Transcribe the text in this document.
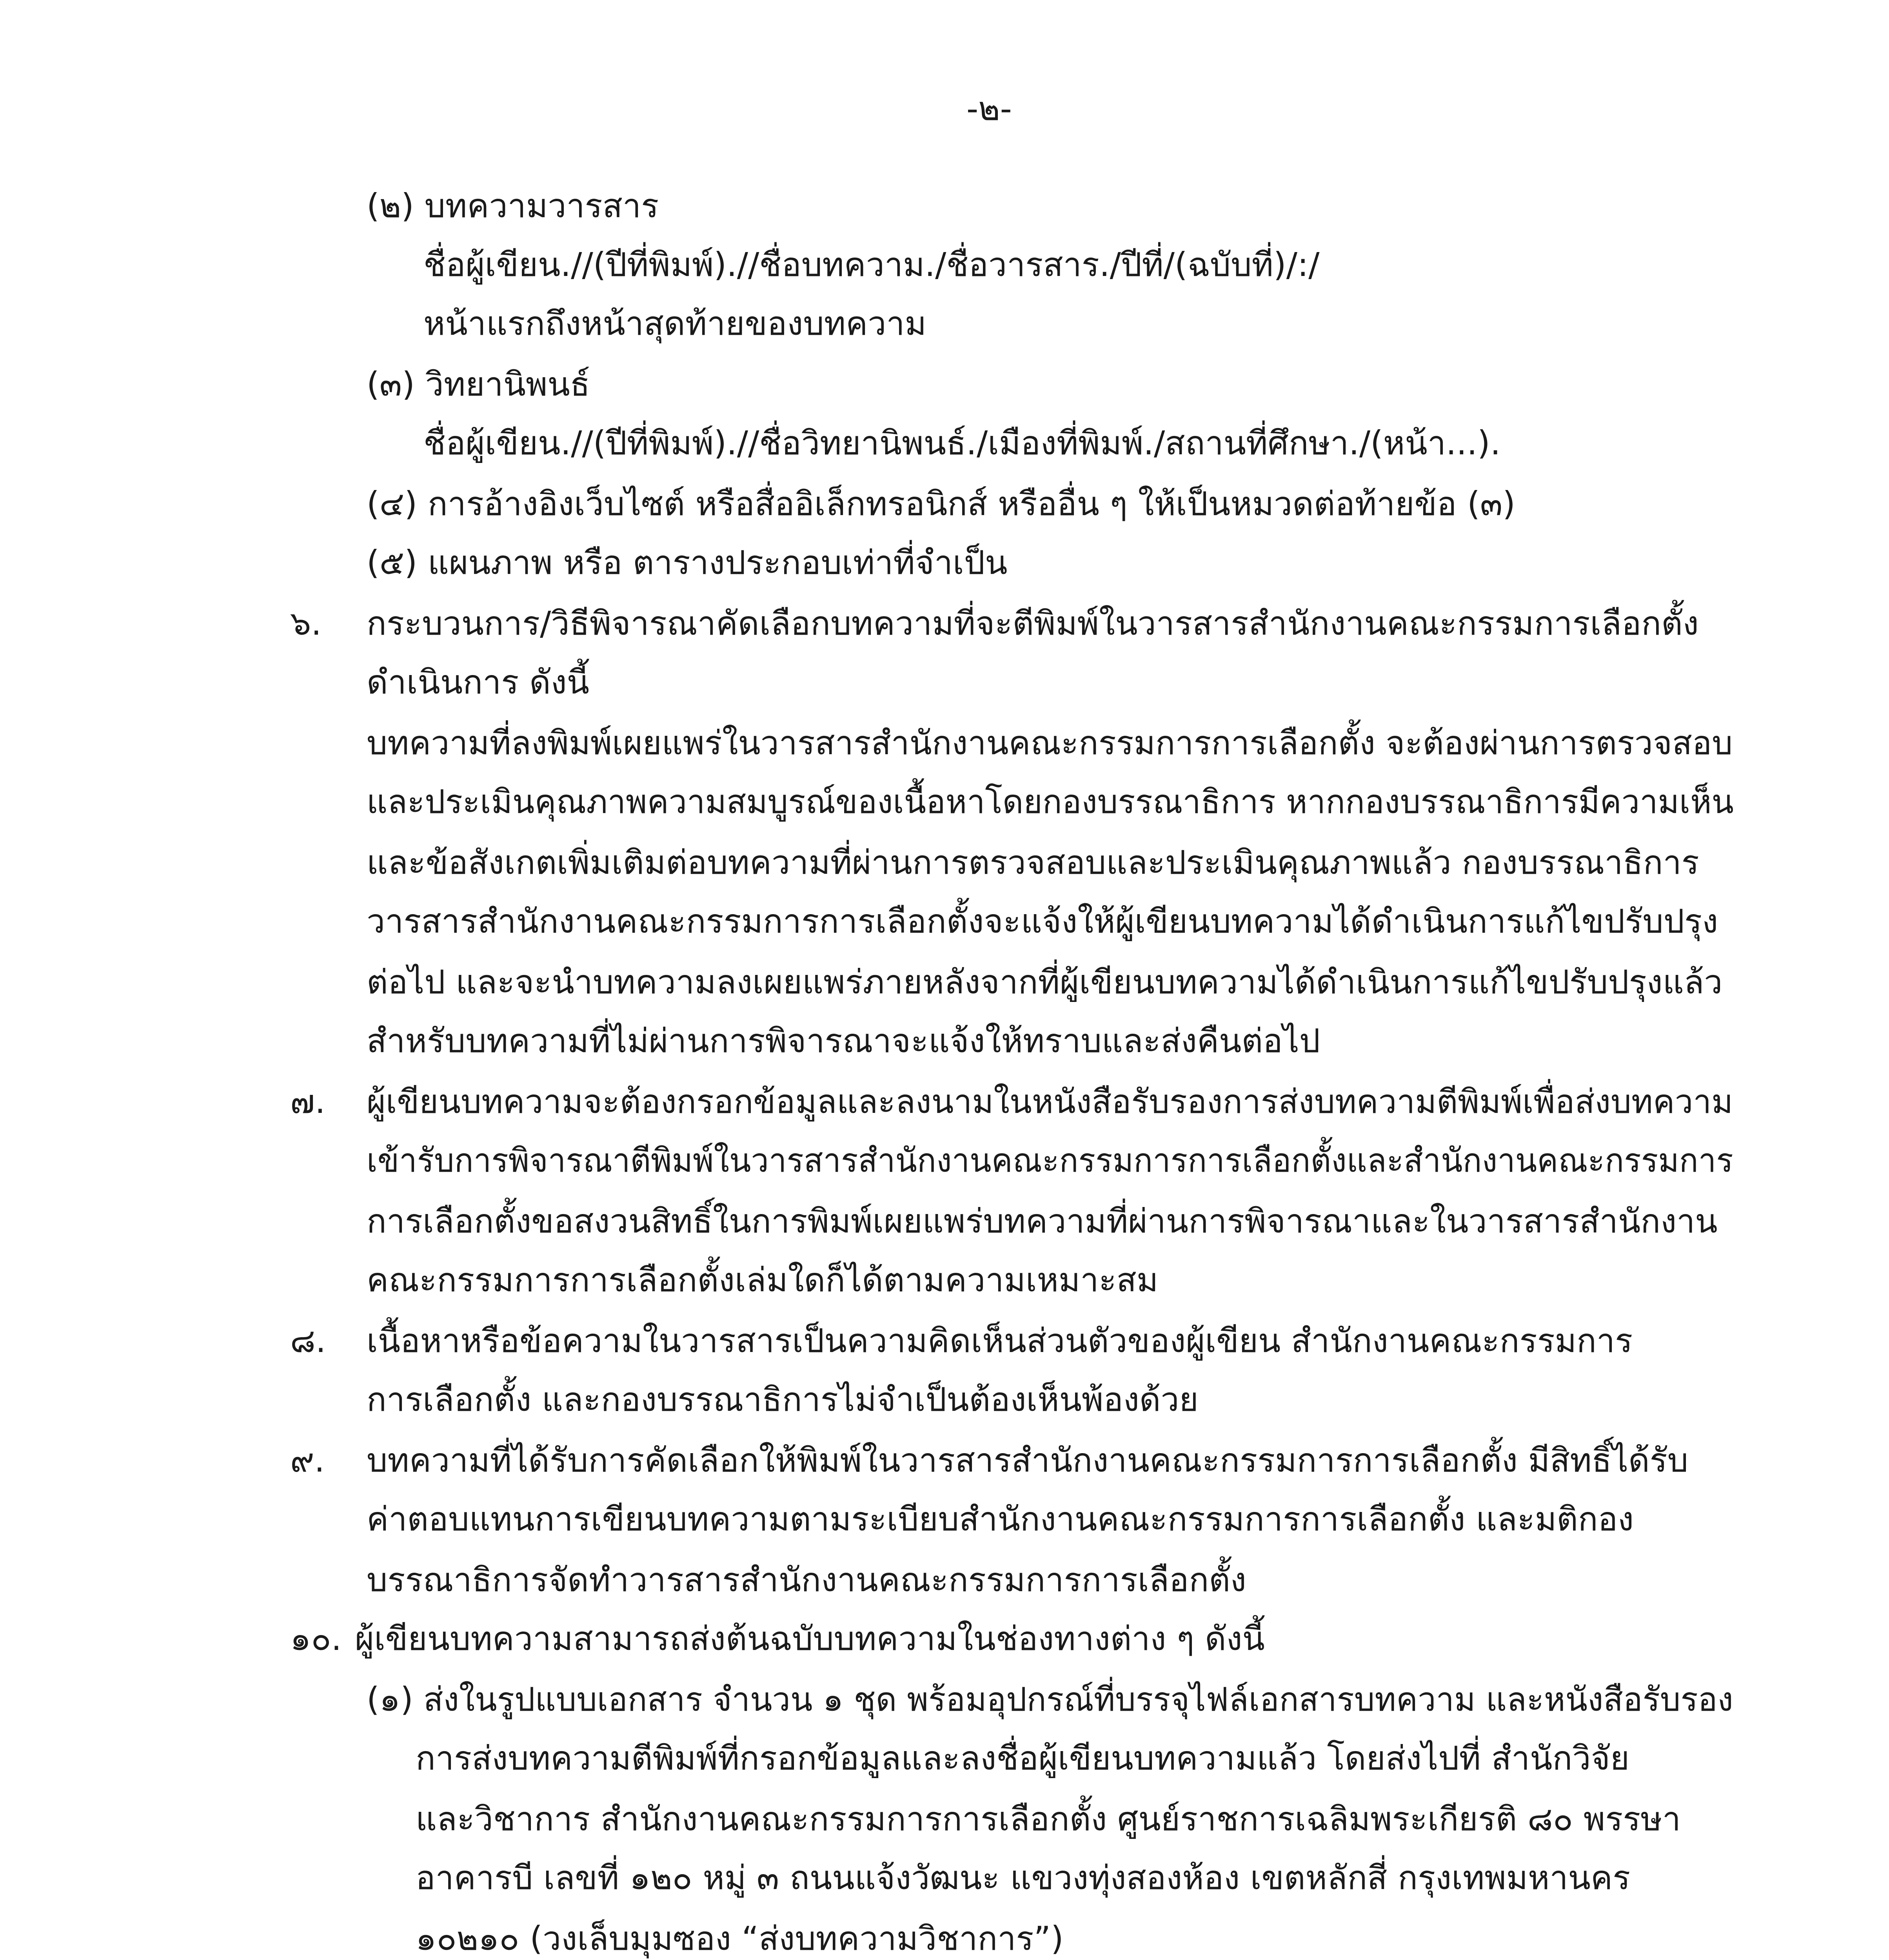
-๒-
(๒) บทความวารสาร
ชื่อผู้เขียน.//(ปีที่พิมพ์).//ชื่อบทความ./ชื่อวารสาร./ปีที่/(ฉบับที่)/:/
หน้าแรกถึงหน้าสุดท้ายของบทความ
(๓) วิทยานิพนธ์
ชื่อผู้เขียน.//(ปีที่พิมพ์).//ชื่อวิทยานิพนธ์./เมืองที่พิมพ์./สถานที่ศึกษา./(หน้า...).
(๔) การอ้างอิงเว็บไซต์ หรือสื่ออิเล็กทรอนิกส์ หรืออื่น ๆ ให้เป็นหมวดต่อท้ายข้อ (๓)
(๕) แผนภาพ หรือ ตารางประกอบเท่าที่จำเป็น
๖. กระบวนการ/วิธีพิจารณาคัดเลือกบทความที่จะตีพิมพ์ในวารสารสำนักงานคณะกรรมการเลือกตั้ง
ดำเนินการ ดังนี้
บทความที่ลงพิมพ์เผยแพร่ในวารสารสำนักงานคณะกรรมการการเลือกตั้ง จะต้องผ่านการตรวจสอบ
และประเมินคุณภาพความสมบูรณ์ของเนื้อหาโดยกองบรรณาธิการ หากกองบรรณาธิการมีความเห็น
และข้อสังเกตเพิ่มเติมต่อบทความที่ผ่านการตรวจสอบและประเมินคุณภาพแล้ว กองบรรณาธิการ
วารสารสำนักงานคณะกรรมการการเลือกตั้งจะแจ้งให้ผู้เขียนบทความได้ดำเนินการแก้ไขปรับปรุง
ต่อไป และจะนำบทความลงเผยแพร่ภายหลังจากที่ผู้เขียนบทความได้ดำเนินการแก้ไขปรับปรุงแล้ว
สำหรับบทความที่ไม่ผ่านการพิจารณาจะแจ้งให้ทราบและส่งคืนต่อไป
๗. ผู้เขียนบทความจะต้องกรอกข้อมูลและลงนามในหนังสือรับรองการส่งบทความตีพิมพ์เพื่อส่งบทความ
เข้ารับการพิจารณาตีพิมพ์ในวารสารสำนักงานคณะกรรมการการเลือกตั้งและสำนักงานคณะกรรมการ
การเลือกตั้งขอสงวนสิทธิ์ในการพิมพ์เผยแพร่บทความที่ผ่านการพิจารณาและในวารสารสำนักงาน
คณะกรรมการการเลือกตั้งเล่มใดก็ได้ตามความเหมาะสม
๘. เนื้อหาหรือข้อความในวารสารเป็นความคิดเห็นส่วนตัวของผู้เขียน สำนักงานคณะกรรมการ
การเลือกตั้ง และกองบรรณาธิการไม่จำเป็นต้องเห็นพ้องด้วย
๙. บทความที่ได้รับการคัดเลือกให้พิมพ์ในวารสารสำนักงานคณะกรรมการการเลือกตั้ง มีสิทธิ์ได้รับ
ค่าตอบแทนการเขียนบทความตามระเบียบสำนักงานคณะกรรมการการเลือกตั้ง และมติกอง
บรรณาธิการจัดทำวารสารสำนักงานคณะกรรมการการเลือกตั้ง
๑๐. ผู้เขียนบทความสามารถส่งต้นฉบับบทความในช่องทางต่าง ๆ ดังนี้
(๑) ส่งในรูปแบบเอกสาร จำนวน ๑ ชุด พร้อมอุปกรณ์ที่บรรจุไฟล์เอกสารบทความ และหนังสือรับรอง
การส่งบทความตีพิมพ์ที่กรอกข้อมูลและลงชื่อผู้เขียนบทความแล้ว โดยส่งไปที่ สำนักวิจัย
และวิชาการ สำนักงานคณะกรรมการการเลือกตั้ง ศูนย์ราชการเฉลิมพระเกียรติ ๘๐ พรรษา
อาคารบี เลขที่ ๑๒๐ หมู่ ๓ ถนนแจ้งวัฒนะ แขวงทุ่งสองห้อง เขตหลักสี่ กรุงเทพมหานคร
๑๐๒๑๐ (วงเล็บมุมซอง “ส่งบทความวิชาการ”)
